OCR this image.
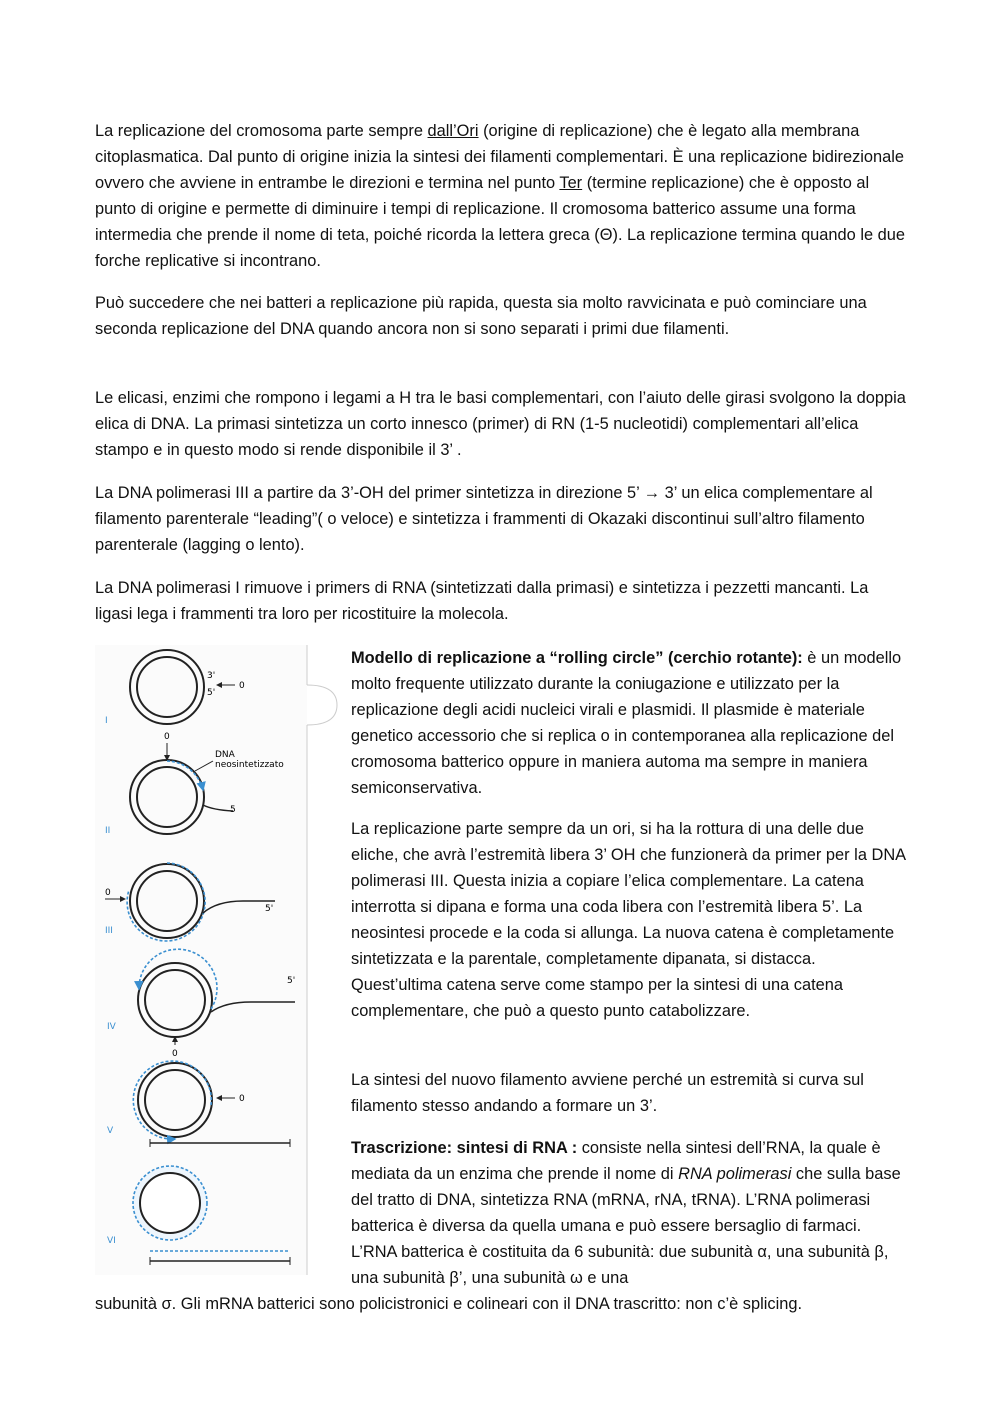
La replicazione del cromosoma parte sempre dall’Ori (origine di replicazione) che è legato alla membrana citoplasmatica. Dal punto di origine inizia la sintesi dei filamenti complementari. È una replicazione bidirezionale ovvero che avviene in entrambe le direzioni e termina nel punto Ter (termine replicazione) che è opposto al punto di origine e permette di diminuire i tempi di replicazione. Il cromosoma batterico assume una forma intermedia che prende il nome di teta, poiché ricorda la lettera greca (Θ). La replicazione termina quando le due forche replicative si incontrano.

Può succedere che nei batteri a replicazione più rapida, questa sia molto ravvicinata e può cominciare una seconda replicazione del DNA quando ancora non si sono separati i primi due filamenti.

Le elicasi, enzimi che rompono i legami a H tra le basi complementari, con l’aiuto delle girasi svolgono la doppia elica di DNA. La primasi sintetizza un corto innesco (primer) di RN (1-5 nucleotidi) complementari all’elica stampo e in questo modo si rende disponibile il 3’ .

La DNA polimerasi III a partire da 3’-OH del primer sintetizza in direzione 5’ → 3’ un elica complementare al filamento parenterale “leading”( o veloce) e sintetizza i frammenti di Okazaki discontinui sull’altro filamento parenterale (lagging o lento).

La DNA polimerasi I rimuove i primers di RNA (sintetizzati dalla primasi) e sintetizza i pezzetti mancanti. La ligasi lega i frammenti tra loro per ricostituire la molecola.

3'
5'
0
I
0
DNA
neosintetizzato
5
II
5'
0
III
5'
0
IV
0
V
VI

Modello di replicazione a “rolling circle” (cerchio rotante): è un modello molto frequente utilizzato durante la coniugazione e utilizzato per la replicazione degli acidi nucleici virali e plasmidi. Il plasmide è materiale genetico accessorio che si replica o in contemporanea alla replicazione del cromosoma batterico oppure in maniera automa ma sempre in maniera semiconservativa.

La replicazione parte sempre da un ori, si ha la rottura di una delle due eliche, che avrà l’estremità libera 3’ OH che funzionerà da primer per la DNA polimerasi III. Questa inizia a copiare l’elica complementare. La catena interrotta si dipana e forma una coda libera con l’estremità libera 5’. La neosintesi procede e la coda si allunga. La nuova catena è completamente sintetizzata e la parentale, completamente dipanata, si distacca. Quest’ultima catena serve come stampo per la sintesi di una catena complementare, che può a questo punto catabolizzare.

La sintesi del nuovo filamento avviene perché un estremità si curva sul filamento stesso andando a formare un 3’.

Trascrizione: sintesi di RNA : consiste nella sintesi dell’RNA, la quale è mediata da un enzima che prende il nome di RNA polimerasi che sulla base del tratto di DNA, sintetizza RNA (mRNA, rNA, tRNA). L’RNA polimerasi batterica è diversa da quella umana e può essere bersaglio di farmaci. L’RNA batterica è costituita da 6 subunità: due subunità α, una subunità β, una subunità β’, una subunità ω e una

subunità σ. Gli mRNA batterici sono policistronici e colineari con il DNA trascritto: non c’è splicing.
